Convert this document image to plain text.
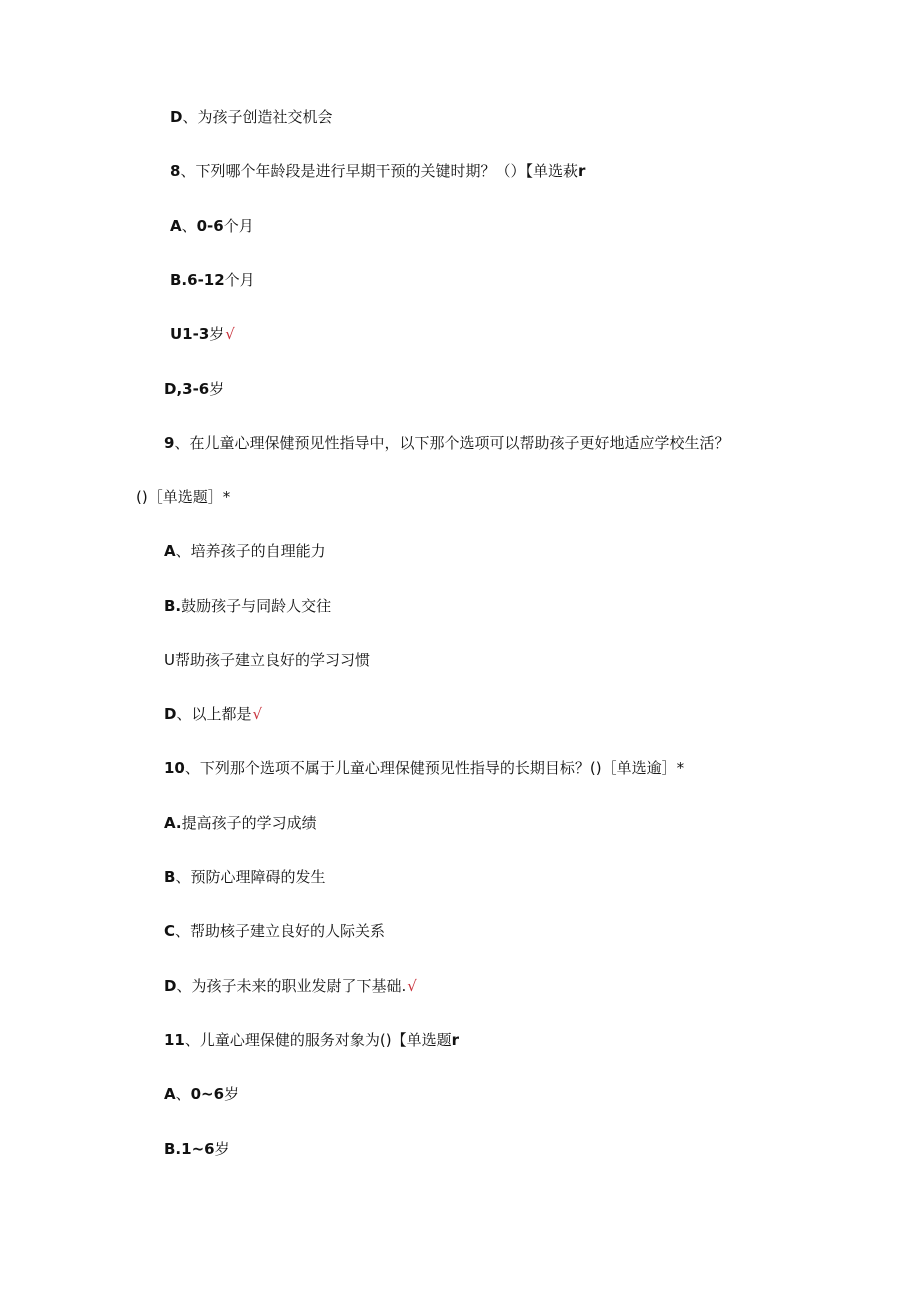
D、为孩子创造社交机会
8、下列哪个年龄段是进行早期干预的关键时期？（）【单选萩r
A、0-6个月
B.6-12个月
U1-3岁√
D,3-6岁
9、在儿童心理保健预见性指导中，以下那个选项可以帮助孩子更好地适应学校生活？
()［单选题］*
A、培养孩子的自理能力
B.鼓励孩子与同龄人交往
U帮助孩子建立良好的学习习惯
D、以上都是√
10、下列那个选项不属于儿童心理保健预见性指导的长期目标？()［单选逾］*
A.提高孩子的学习成绩
B、预防心理障碍的发生
C、帮助核子建立良好的人际关系
D、为孩子未来的职业发尉了下基础.√
11、儿童心理保健的服务对象为()【单选题r
A、0~6岁
B.1~6岁
